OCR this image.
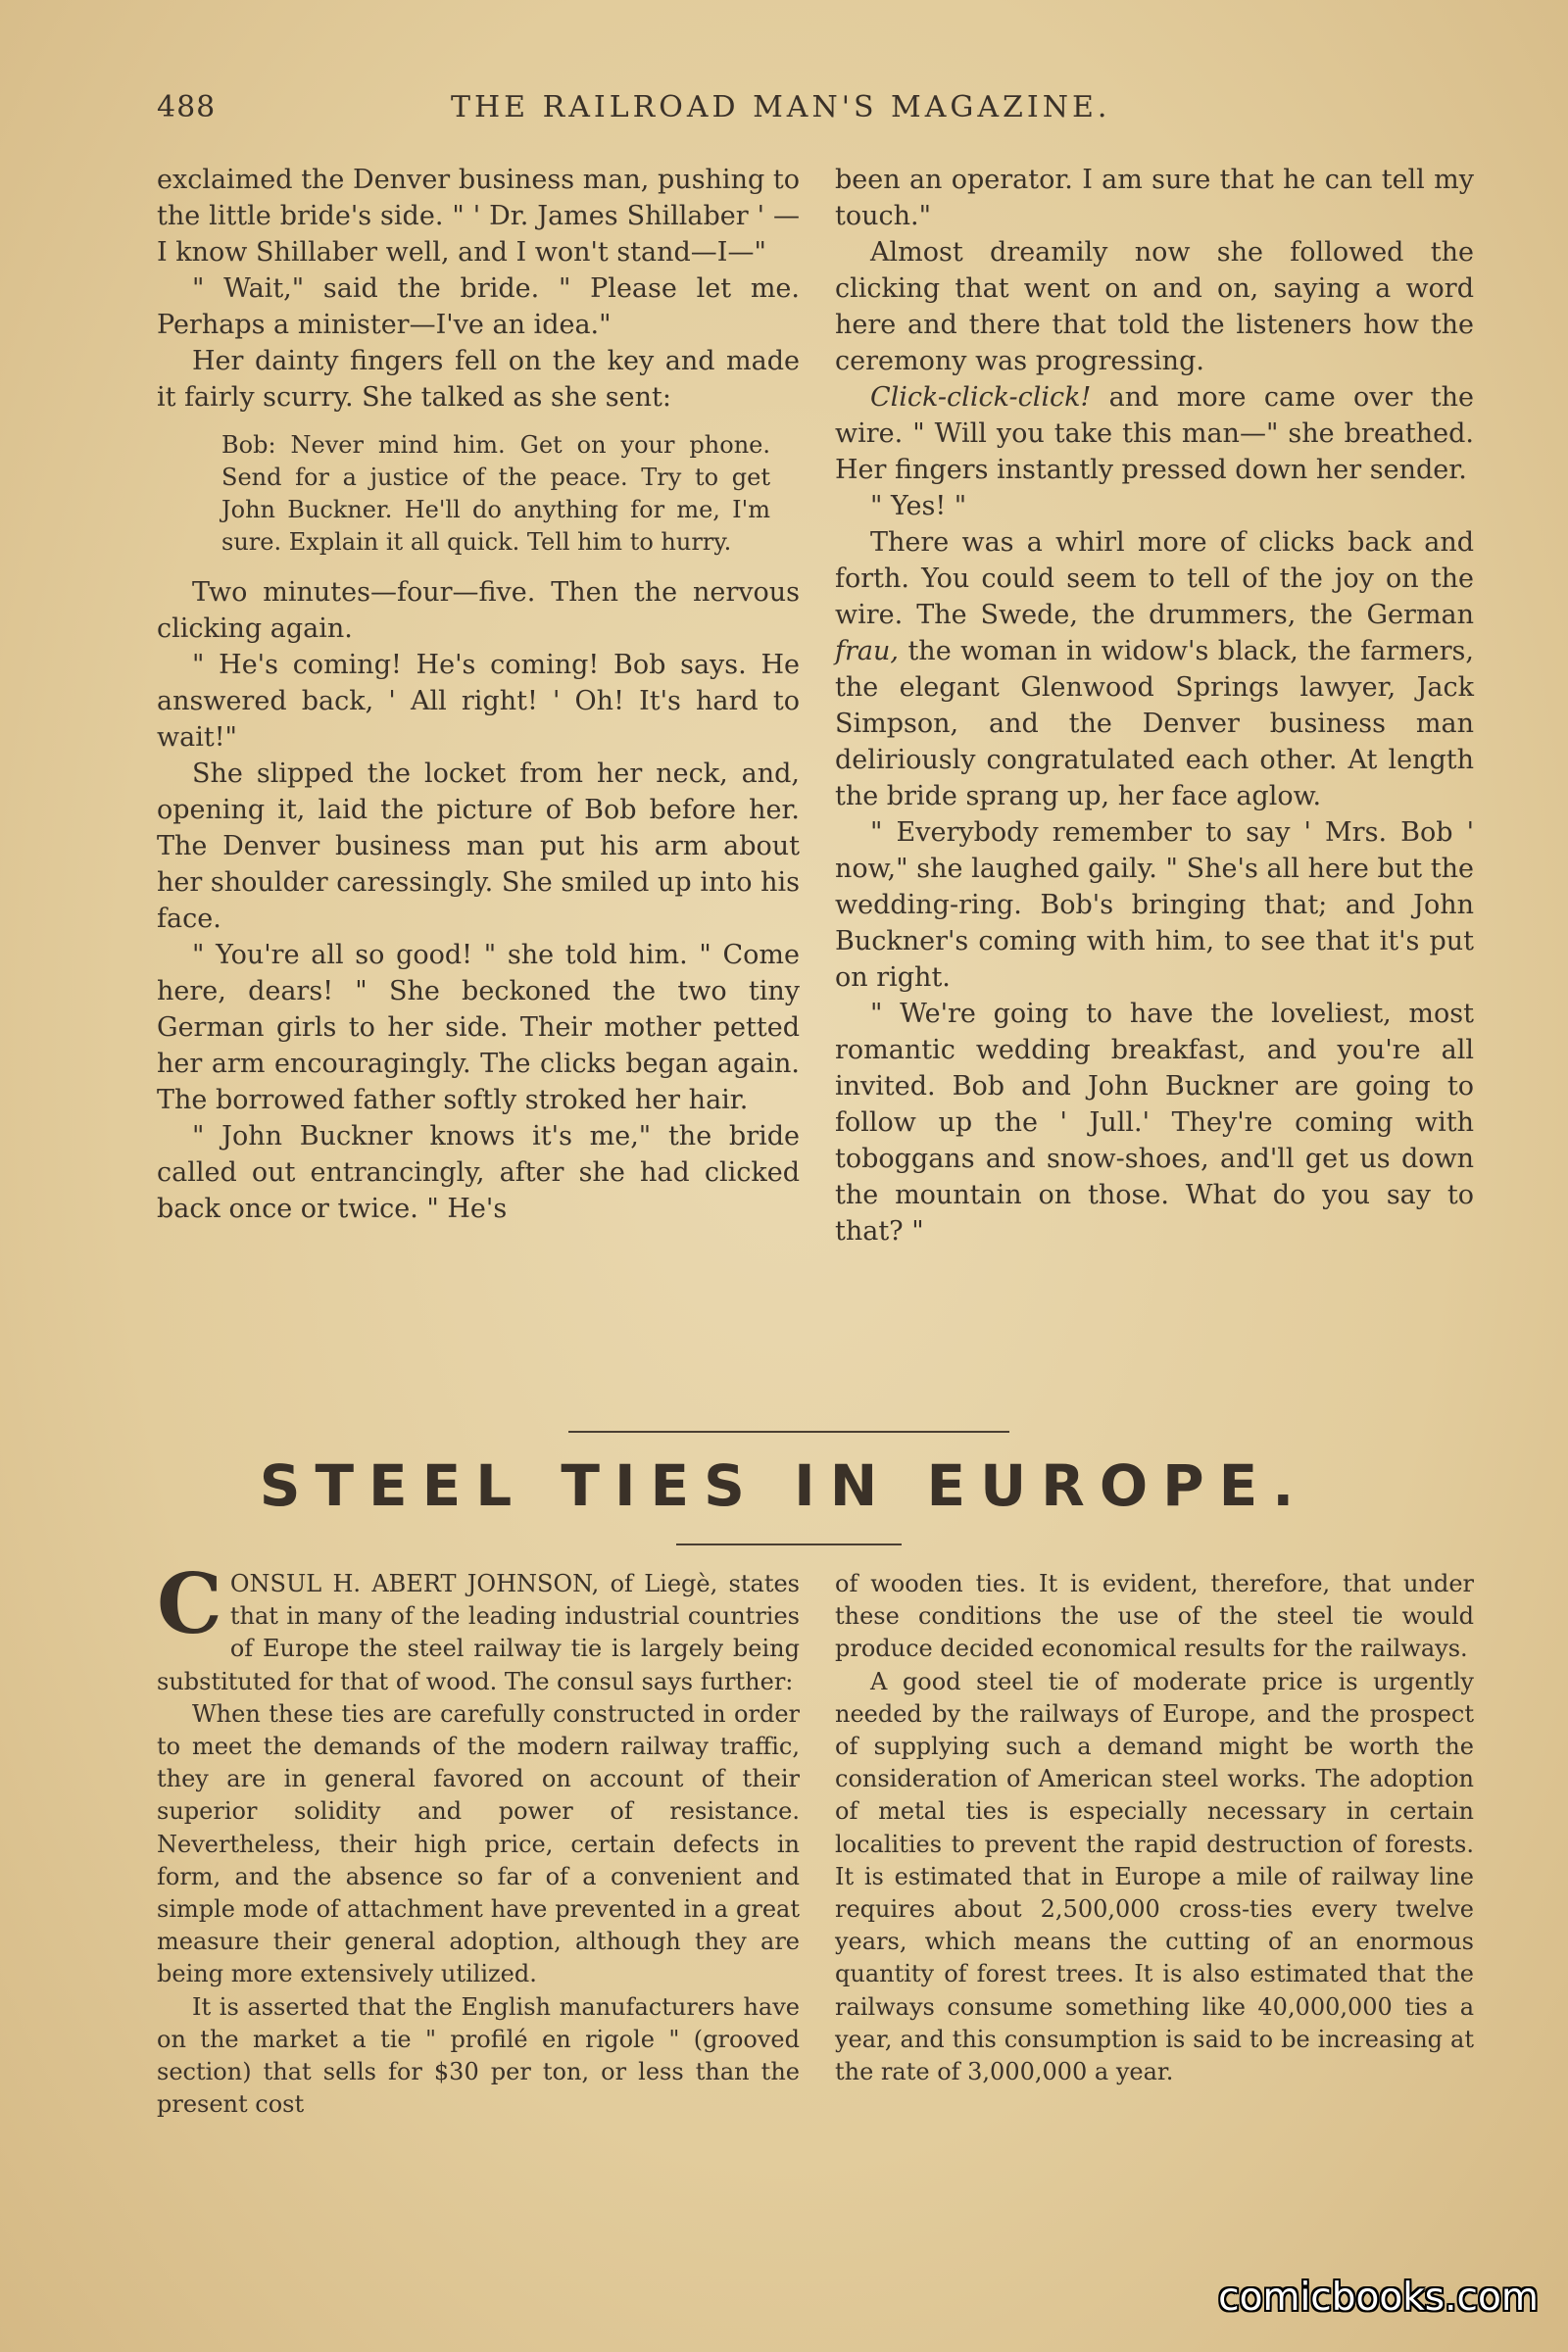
488	THE RAILROAD MAN'S MAGAZINE.

exclaimed the Denver business man, pushing to the little bride's side. " ' Dr. James Shillaber ' — I know Shillaber well, and I won't stand—I—"

" Wait," said the bride. " Please let me. Perhaps a minister—I've an idea."

Her dainty fingers fell on the key and made it fairly scurry. She talked as she sent:

Bob: Never mind him. Get on your phone. Send for a justice of the peace. Try to get John Buckner. He'll do anything for me, I'm sure. Explain it all quick. Tell him to hurry.

Two minutes—four—five. Then the nervous clicking again.

" He's coming! He's coming! Bob says. He answered back, ' All right! ' Oh! It's hard to wait!"

She slipped the locket from her neck, and, opening it, laid the picture of Bob before her. The Denver business man put his arm about her shoulder caressingly. She smiled up into his face.

" You're all so good! " she told him. " Come here, dears! " She beckoned the two tiny German girls to her side. Their mother petted her arm encouragingly. The clicks began again. The borrowed father softly stroked her hair.

" John Buckner knows it's me," the bride called out entrancingly, after she had clicked back once or twice. " He's

been an operator. I am sure that he can tell my touch."

Almost dreamily now she followed the clicking that went on and on, saying a word here and there that told the listeners how the ceremony was progressing.

Click-click-click! and more came over the wire. " Will you take this man—" she breathed. Her fingers instantly pressed down her sender.

" Yes! "

There was a whirl more of clicks back and forth. You could seem to tell of the joy on the wire. The Swede, the drummers, the German frau, the woman in widow's black, the farmers, the elegant Glenwood Springs lawyer, Jack Simpson, and the Denver business man deliriously congratulated each other. At length the bride sprang up, her face aglow.

" Everybody remember to say ' Mrs. Bob ' now," she laughed gaily. " She's all here but the wedding-ring. Bob's bringing that; and John Buckner's coming with him, to see that it's put on right.

" We're going to have the loveliest, most romantic wedding breakfast, and you're all invited. Bob and John Buckner are going to follow up the ' Jull.' They're coming with toboggans and snow-shoes, and'll get us down the mountain on those. What do you say to that? "

STEEL TIES IN EUROPE.

CONSUL H. ABERT JOHNSON, of Liegè, states that in many of the leading industrial countries of Europe the steel railway tie is largely being substituted for that of wood. The consul says further:

When these ties are carefully constructed in order to meet the demands of the modern railway traffic, they are in general favored on account of their superior solidity and power of resistance. Nevertheless, their high price, certain defects in form, and the absence so far of a convenient and simple mode of attachment have prevented in a great measure their general adoption, although they are being more extensively utilized.

It is asserted that the English manufacturers have on the market a tie " profilé en rigole " (grooved section) that sells for $30 per ton, or less than the present cost

of wooden ties. It is evident, therefore, that under these conditions the use of the steel tie would produce decided economical results for the railways.

A good steel tie of moderate price is urgently needed by the railways of Europe, and the prospect of supplying such a demand might be worth the consideration of American steel works. The adoption of metal ties is especially necessary in certain localities to prevent the rapid destruction of forests. It is estimated that in Europe a mile of railway line requires about 2,500,000 cross-ties every twelve years, which means the cutting of an enormous quantity of forest trees. It is also estimated that the railways consume something like 40,000,000 ties a year, and this consumption is said to be increasing at the rate of 3,000,000 a year.

comicbooks.com
